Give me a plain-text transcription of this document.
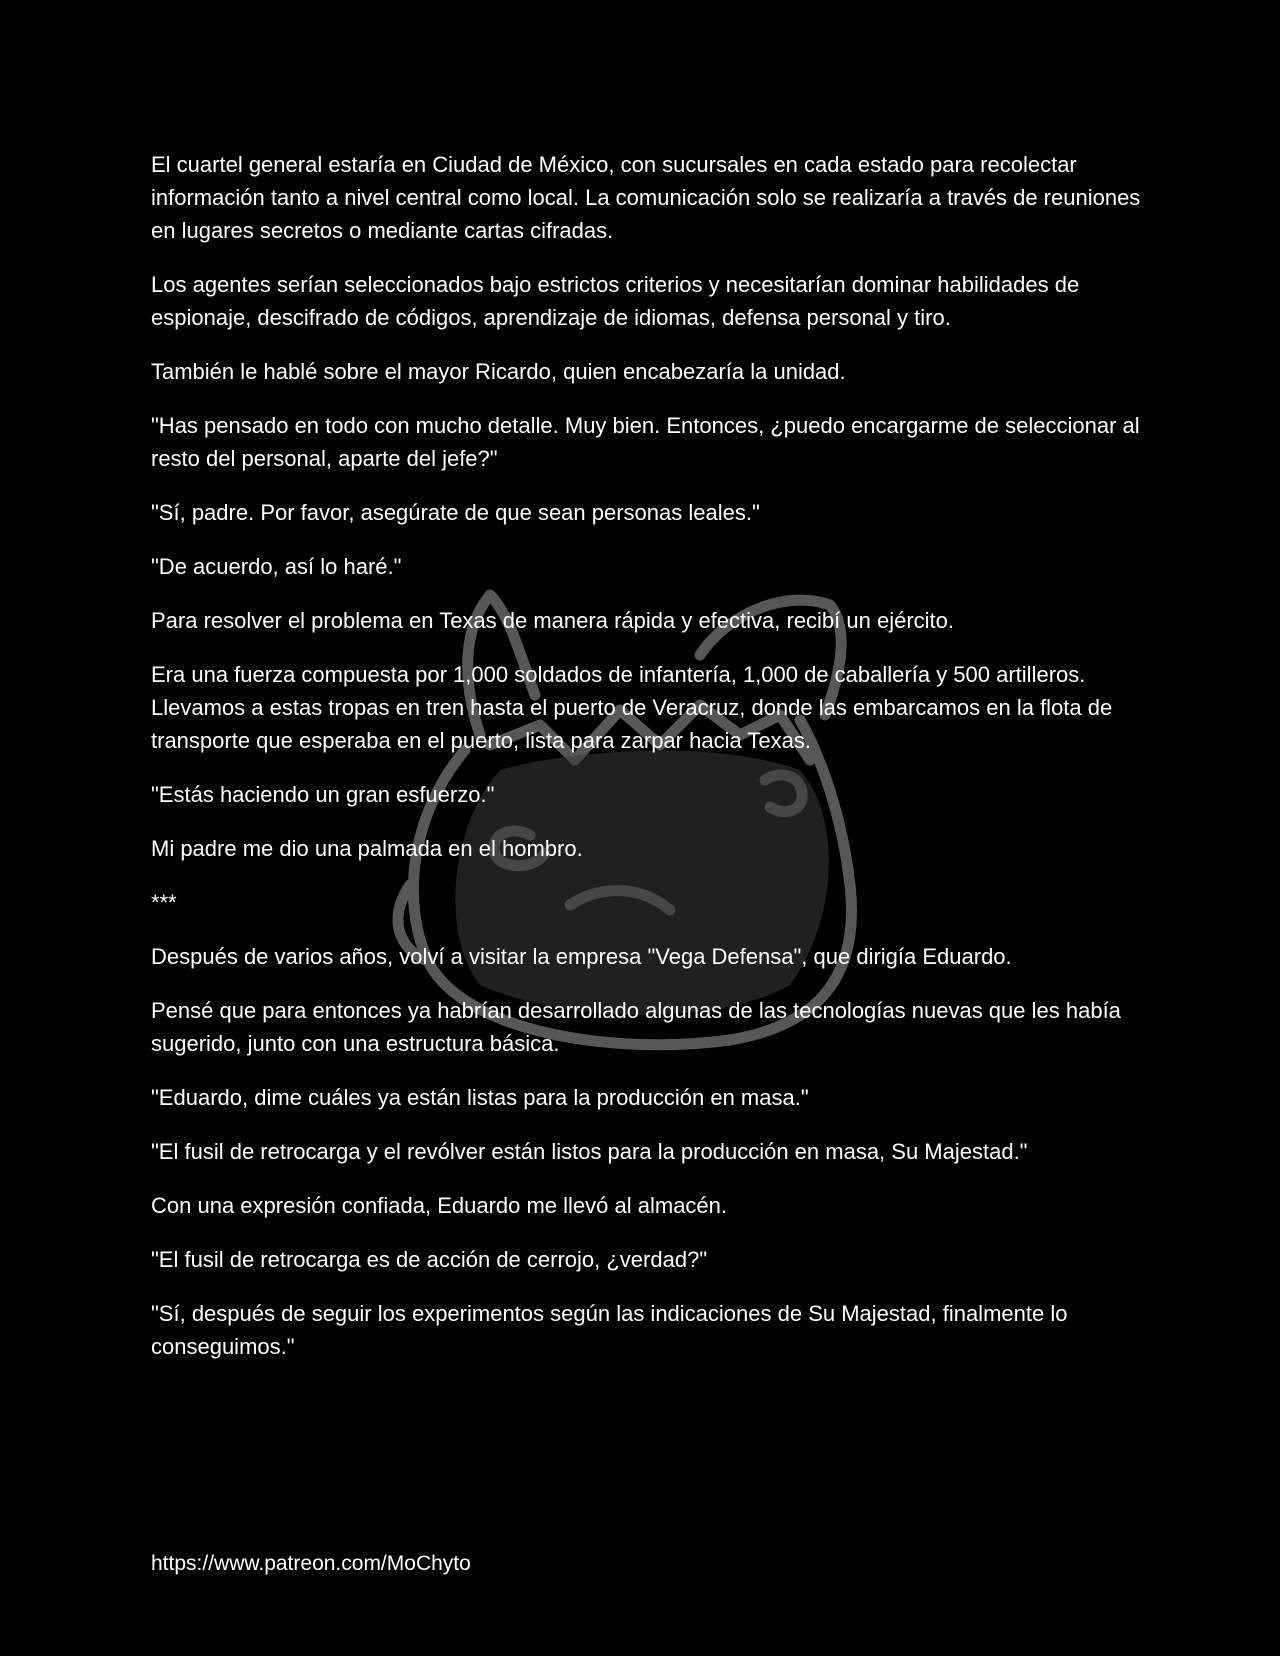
El cuartel general estaría en Ciudad de México, con sucursales en cada estado para recolectar información tanto a nivel central como local. La comunicación solo se realizaría a través de reuniones en lugares secretos o mediante cartas cifradas.

Los agentes serían seleccionados bajo estrictos criterios y necesitarían dominar habilidades de espionaje, descifrado de códigos, aprendizaje de idiomas, defensa personal y tiro.

También le hablé sobre el mayor Ricardo, quien encabezaría la unidad.

"Has pensado en todo con mucho detalle. Muy bien. Entonces, ¿puedo encargarme de seleccionar al resto del personal, aparte del jefe?"

"Sí, padre. Por favor, asegúrate de que sean personas leales."

"De acuerdo, así lo haré."

Para resolver el problema en Texas de manera rápida y efectiva, recibí un ejército.

Era una fuerza compuesta por 1,000 soldados de infantería, 1,000 de caballería y 500 artilleros. Llevamos a estas tropas en tren hasta el puerto de Veracruz, donde las embarcamos en la flota de transporte que esperaba en el puerto, lista para zarpar hacia Texas.

"Estás haciendo un gran esfuerzo."

Mi padre me dio una palmada en el hombro.

***

Después de varios años, volví a visitar la empresa "Vega Defensa", que dirigía Eduardo.

Pensé que para entonces ya habrían desarrollado algunas de las tecnologías nuevas que les había sugerido, junto con una estructura básica.

"Eduardo, dime cuáles ya están listas para la producción en masa."

"El fusil de retrocarga y el revólver están listos para la producción en masa, Su Majestad."

Con una expresión confiada, Eduardo me llevó al almacén.

"El fusil de retrocarga es de acción de cerrojo, ¿verdad?"

"Sí, después de seguir los experimentos según las indicaciones de Su Majestad, finalmente lo conseguimos."

https://www.patreon.com/MoChyto
